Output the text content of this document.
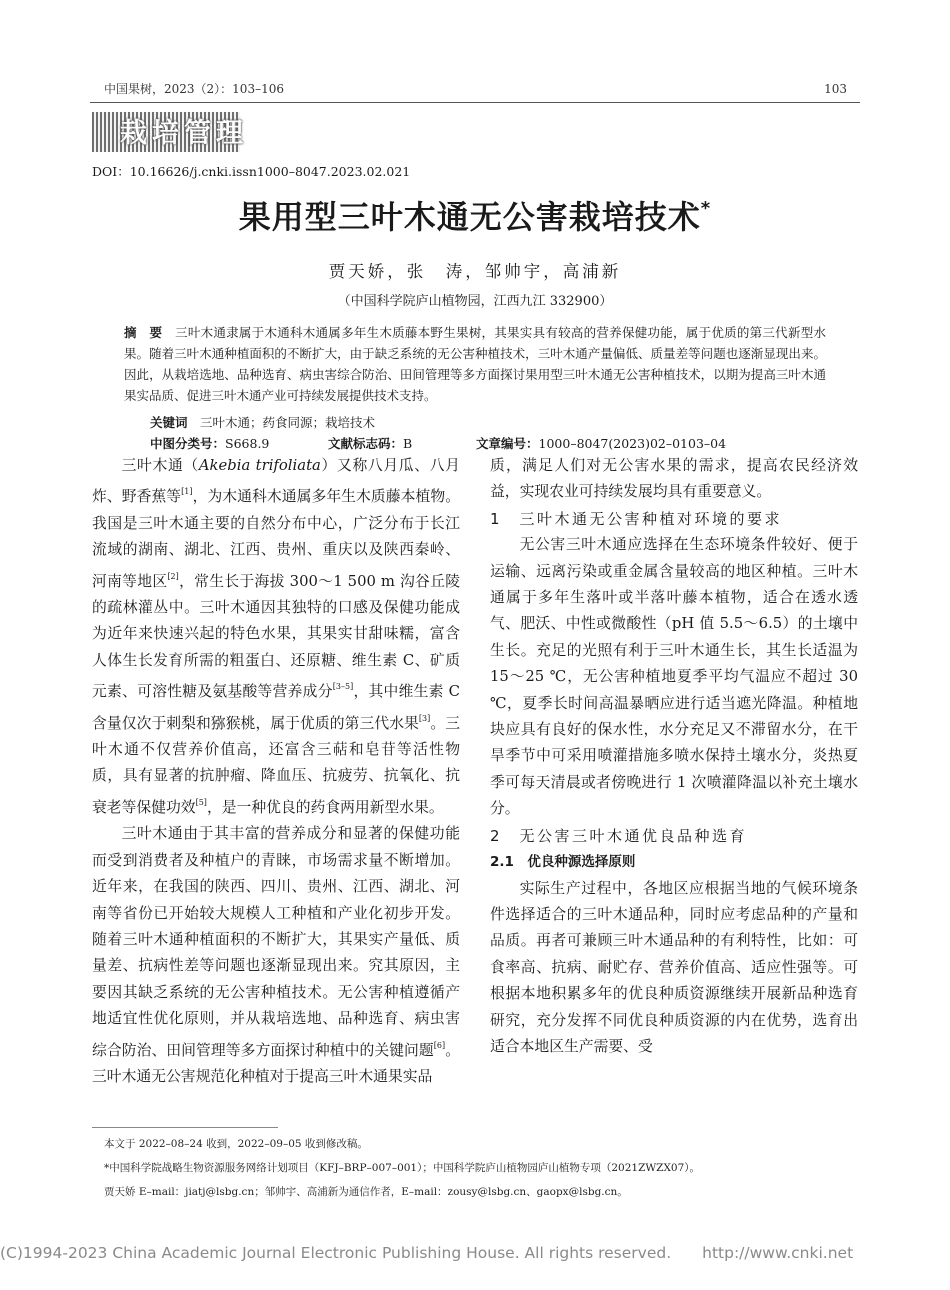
中国果树，2023（2）：103–106	103
栽培管理
DOI：10.16626/j.cnki.issn1000–8047.2023.02.021
果用型三叶木通无公害栽培技术*
贾天娇，张　涛，邹帅宇，高浦新
（中国科学院庐山植物园，江西九江 332900）
摘　要　 三叶木通隶属于木通科木通属多年生木质藤本野生果树，其果实具有较高的营养保健功能，属于优质的第三代新型水果。随着三叶木通种植面积的不断扩大，由于缺乏系统的无公害种植技术，三叶木通产量偏低、质量差等问题也逐渐显现出来。因此，从栽培选地、品种选育、病虫害综合防治、田间管理等多方面探讨果用型三叶木通无公害种植技术，以期为提高三叶木通果实品质、促进三叶木通产业可持续发展提供技术支持。
关键词　 三叶木通；药食同源；栽培技术
中图分类号：S668.9	文献标志码：B	文章编号：1000–8047(2023)02–0103–04

三叶木通（Akebia trifoliata）又称八月瓜、八月炸、野香蕉等[1]，为木通科木通属多年生木质藤本植物。我国是三叶木通主要的自然分布中心，广泛分布于长江流域的湖南、湖北、江西、贵州、重庆以及陕西秦岭、河南等地区[2]，常生长于海拔 300～1 500 m 沟谷丘陵的疏林灌丛中。三叶木通因其独特的口感及保健功能成为近年来快速兴起的特色水果，其果实甘甜味糯，富含人体生长发育所需的粗蛋白、还原糖、维生素 C、矿质元素、可溶性糖及氨基酸等营养成分[3–5]，其中维生素 C 含量仅次于刺梨和猕猴桃，属于优质的第三代水果[3]。三叶木通不仅营养价值高，还富含三萜和皂苷等活性物质，具有显著的抗肿瘤、降血压、抗疲劳、抗氧化、抗衰老等保健功效[5]，是一种优良的药食两用新型水果。

三叶木通由于其丰富的营养成分和显著的保健功能而受到消费者及种植户的青睐，市场需求量不断增加。近年来，在我国的陕西、四川、贵州、江西、湖北、河南等省份已开始较大规模人工种植和产业化初步开发。随着三叶木通种植面积的不断扩大，其果实产量低、质量差、抗病性差等问题也逐渐显现出来。究其原因，主要因其缺乏系统的无公害种植技术。无公害种植遵循产地适宜性优化原则，并从栽培选地、品种选育、病虫害综合防治、田间管理等多方面探讨种植中的关键问题[6]。三叶木通无公害规范化种植对于提高三叶木通果实品

质，满足人们对无公害水果的需求，提高农民经济效益，实现农业可持续发展均具有重要意义。

1　三叶木通无公害种植对环境的要求

无公害三叶木通应选择在生态环境条件较好、便于运输、远离污染或重金属含量较高的地区种植。三叶木通属于多年生落叶或半落叶藤本植物，适合在透水透气、肥沃、中性或微酸性（pH 值 5.5～6.5）的土壤中生长。充足的光照有利于三叶木通生长，其生长适温为 15～25 ℃，无公害种植地夏季平均气温应不超过 30 ℃，夏季长时间高温暴晒应进行适当遮光降温。种植地块应具有良好的保水性，水分充足又不滞留水分，在干旱季节中可采用喷灌措施多喷水保持土壤水分，炎热夏季可每天清晨或者傍晚进行 1 次喷灌降温以补充土壤水分。

2　无公害三叶木通优良品种选育

2.1　优良种源选择原则

实际生产过程中，各地区应根据当地的气候环境条件选择适合的三叶木通品种，同时应考虑品种的产量和品质。再者可兼顾三叶木通品种的有利特性，比如：可食率高、抗病、耐贮存、营养价值高、适应性强等。可根据本地积累多年的优良种质资源继续开展新品种选育研究，充分发挥不同优良种质资源的内在优势，选育出适合本地区生产需要、受

本文于 2022–08–24 收到，2022–09–05 收到修改稿。
*中国科学院战略生物资源服务网络计划项目（KFJ–BRP–007–001）；中国科学院庐山植物园庐山植物专项（2021ZWZX07）。
贾天娇 E–mail：jiatj@lsbg.cn；邹帅宇、高浦新为通信作者，E–mail：zousy@lsbg.cn、gaopx@lsbg.cn。
(C)1994-2023 China Academic Journal Electronic Publishing House. All rights reserved.　　http://www.cnki.net
